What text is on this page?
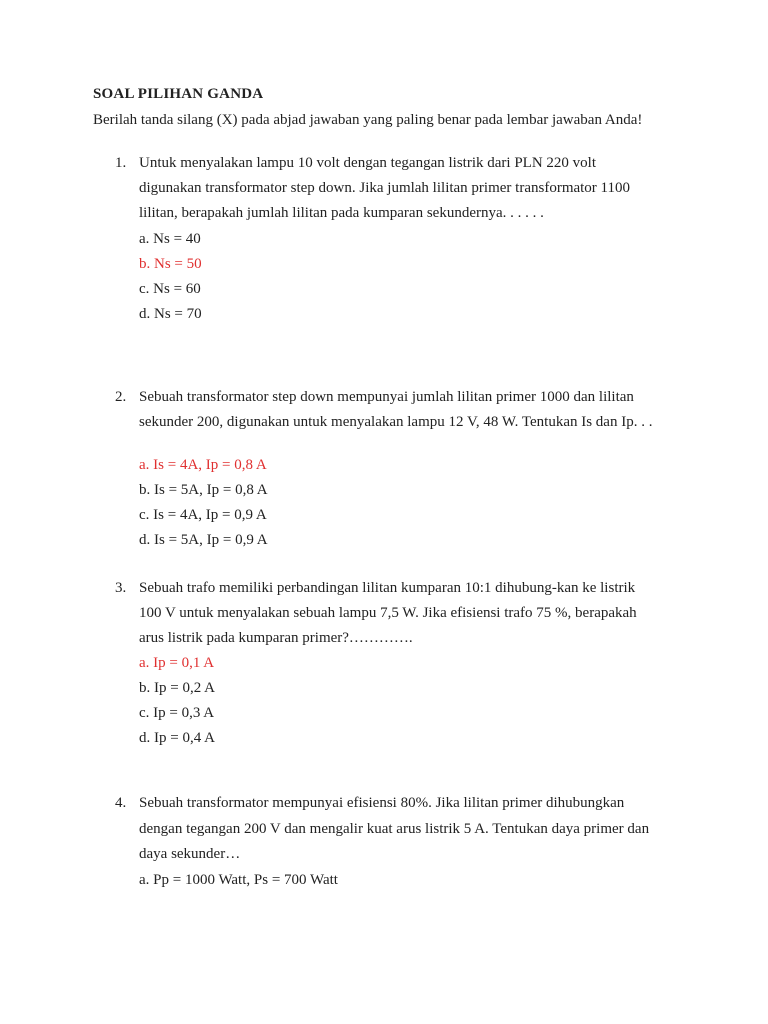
SOAL PILIHAN GANDA
Berilah tanda silang (X) pada abjad jawaban yang paling benar pada lembar jawaban Anda!
1. Untuk menyalakan lampu 10 volt dengan tegangan listrik dari PLN 220 volt
digunakan transformator step down. Jika jumlah lilitan primer transformator 1100
lilitan, berapakah jumlah lilitan pada kumparan sekundernya. . . . . .
a. Ns = 40
b. Ns = 50
c. Ns = 60
d. Ns = 70
2. Sebuah transformator step down mempunyai jumlah lilitan primer 1000 dan lilitan
sekunder 200, digunakan untuk menyalakan lampu 12 V, 48 W. Tentukan Is dan Ip. . .
a. Is = 4A, Ip = 0,8 A
b. Is = 5A, Ip = 0,8 A
c. Is = 4A, Ip = 0,9 A
d. Is = 5A, Ip = 0,9 A
3. Sebuah trafo memiliki perbandingan lilitan kumparan 10:1 dihubung-kan ke listrik
100 V untuk menyalakan sebuah lampu 7,5 W. Jika efisiensi trafo 75 %, berapakah
arus listrik pada kumparan primer?………….
a. Ip = 0,1 A
b. Ip = 0,2 A
c. Ip = 0,3 A
d. Ip = 0,4 A
4. Sebuah transformator mempunyai efisiensi 80%. Jika lilitan primer dihubungkan
dengan tegangan 200 V dan mengalir kuat arus listrik 5 A. Tentukan daya primer dan
daya sekunder…
a. Pp = 1000 Watt, Ps = 700 Watt
